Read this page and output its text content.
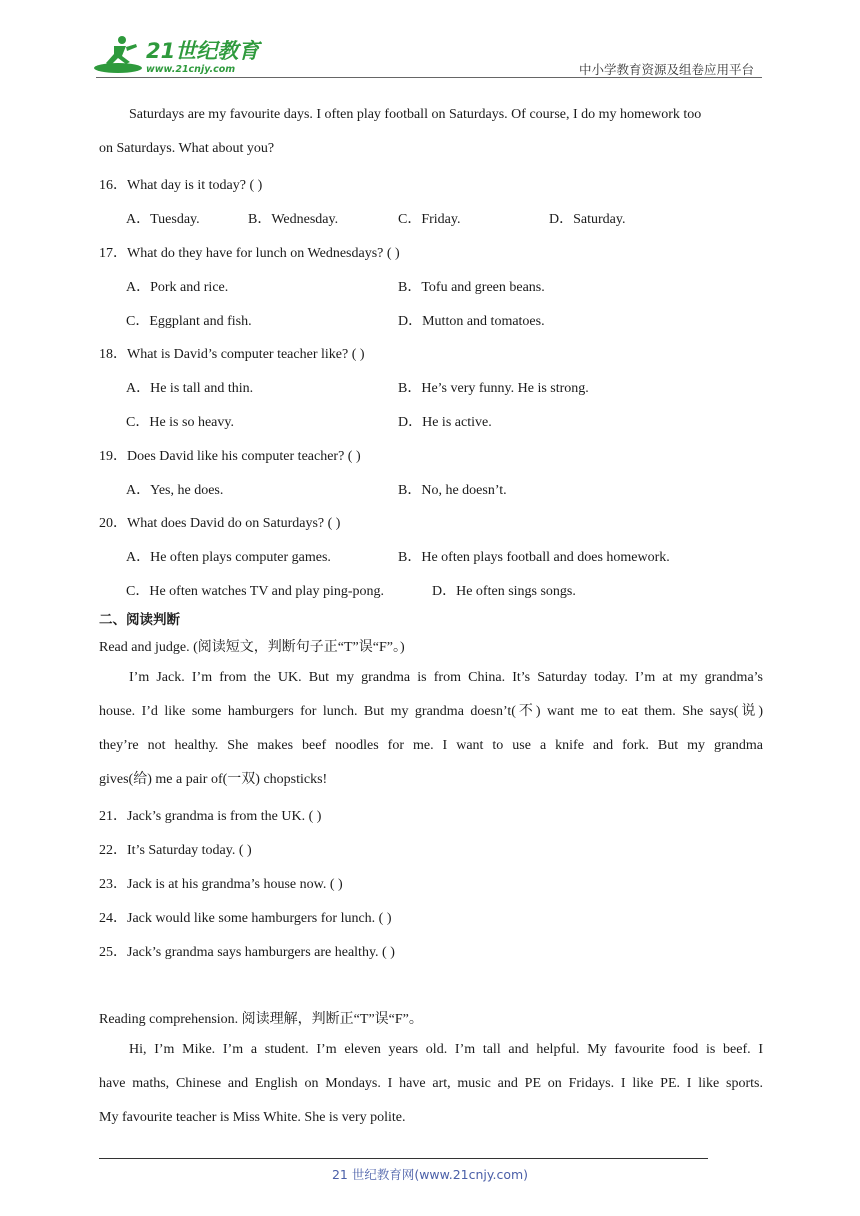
21世纪教育
www.21cnjy.com	中小学教育资源及组卷应用平台
Saturdays are my favourite days. I often play football on Saturdays. Of course, I do my homework too
on Saturdays. What about you?
16．What day is it today? ( )
A．Tuesday.	B．Wednesday.	C．Friday.	D．Saturday.
17．What do they have for lunch on Wednesdays? ( )
A．Pork and rice.	B．Tofu and green beans.
C．Eggplant and fish.	D．Mutton and tomatoes.
18．What is David’s computer teacher like? ( )
A．He is tall and thin.	B．He’s very funny. He is strong.
C．He is so heavy.	D．He is active.
19．Does David like his computer teacher? ( )
A．Yes, he does.	B．No, he doesn’t.
20．What does David do on Saturdays? ( )
A．He often plays computer games.	B．He often plays football and does homework.
C．He often watches TV and play ping-pong.	D．He often sings songs.
二、阅读判断
Read and judge. (阅读短文，判断句子正“T”误“F”。)
I’m Jack. I’m from the UK. But my grandma is from China. It’s Saturday today. I’m at my grandma’s
house. I’d like some hamburgers for lunch. But my grandma doesn’t(不) want me to eat them. She says(说)
they’re not healthy. She makes beef noodles for me. I want to use a knife and fork. But my grandma
gives(给) me a pair of(一双) chopsticks!
21．Jack’s grandma is from the UK. ( )
22．It’s Saturday today. ( )
23．Jack is at his grandma’s house now. ( )
24．Jack would like some hamburgers for lunch. ( )
25．Jack’s grandma says hamburgers are healthy. ( )
Reading comprehension. 阅读理解，判断正“T”误“F”。
Hi, I’m Mike. I’m a student. I’m eleven years old. I’m tall and helpful. My favourite food is beef. I
have maths, Chinese and English on Mondays. I have art, music and PE on Fridays. I like PE. I like sports.
My favourite teacher is Miss White. She is very polite.
21 世纪教育网(www.21cnjy.com)
